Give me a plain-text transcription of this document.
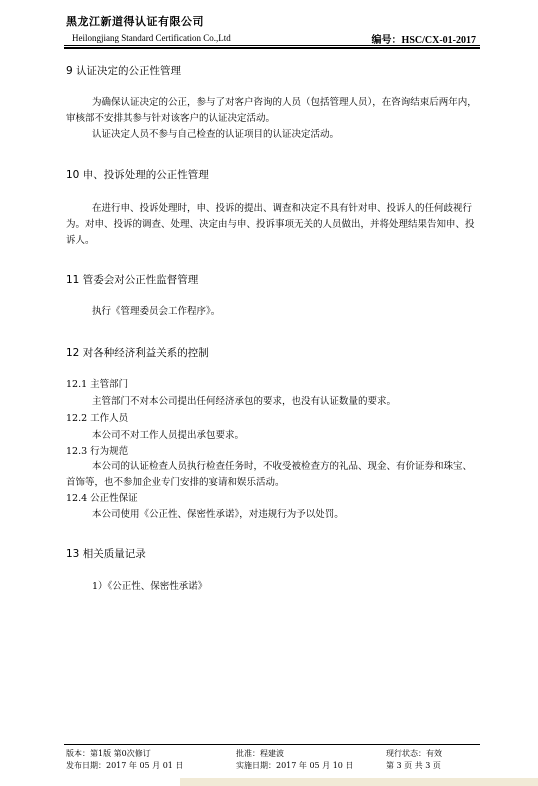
黑龙江新道得认证有限公司
Heilongjiang Standard Certification Co.,Ltd	编号：HSC/CX-01-2017
9 认证决定的公正性管理
为确保认证决定的公正，参与了对客户咨询的人员（包括管理人员），在咨询结束后两年内，审核部不安排其参与针对该客户的认证决定活动。
认证决定人员不参与自己检查的认证项目的认证决定活动。
10 申、投诉处理的公正性管理
在进行申、投诉处理时，申、投诉的提出、调查和决定不具有针对申、投诉人的任何歧视行为。对申、投诉的调查、处理、决定由与申、投诉事项无关的人员做出，并将处理结果告知申、投诉人。
11 管委会对公正性监督管理
执行《管理委员会工作程序》。
12 对各种经济利益关系的控制
12.1 主管部门
主管部门不对本公司提出任何经济承包的要求，也没有认证数量的要求。
12.2 工作人员
本公司不对工作人员提出承包要求。
12.3 行为规范
本公司的认证检查人员执行检查任务时，不收受被检查方的礼品、现金、有价证券和珠宝、首饰等，也不参加企业专门安排的宴请和娱乐活动。
12.4 公正性保证
本公司使用《公正性、保密性承诺》，对违规行为予以处罚。
13 相关质量记录
1）《公正性、保密性承诺》
版本：第1版 第0次修订
发布日期：2017 年 05 月 01 日
批准：程建波
实施日期：2017 年 05 月 10 日
现行状态：有效
第 3 页 共 3 页
